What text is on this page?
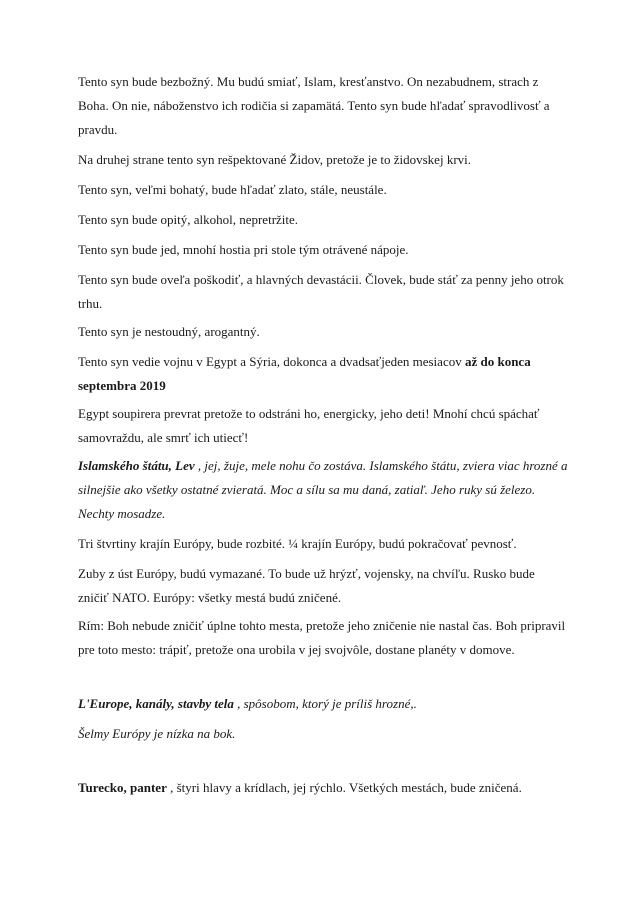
Tento syn bude bezbožný. Mu budú smiať, Islam, kresťanstvo. On nezabudnem, strach z Boha. On nie, náboženstvo ich rodičia si zapamätá. Tento syn bude hľadať spravodlivosť a pravdu.

Na druhej strane tento syn rešpektované Židov, pretože je to židovskej krvi.

Tento syn, veľmi bohatý, bude hľadať zlato, stále, neustále.

Tento syn bude opitý, alkohol, nepretržite.

Tento syn bude jed, mnohí hostia pri stole tým otrávené nápoje.

Tento syn bude oveľa poškodiť, a hlavných devastácii. Človek, bude stáť za penny jeho otrok trhu.

Tento syn je nestoudný, arogantný.

Tento syn vedie vojnu v Egypt a Sýria, dokonca a dvadsaťjeden mesiacov až do konca septembra 2019

Egypt soupirera prevrat pretože to odstráni ho, energicky, jeho deti! Mnohí chcú spáchať samovraždu, ale smrť ich utiecť!

Islamského štátu, Lev , jej, žuje, mele nohu čo zostáva. Islamského štátu, zviera viac hrozné a silnejšie ako všetky ostatné zvieratá. Moc a sílu sa mu daná, zatiaľ. Jeho ruky sú železo. Nechty mosadze.

Tri štvrtiny krajín Európy, bude rozbité. ¼ krajín Európy, budú pokračovať pevnosť.

Zuby z úst Európy, budú vymazané. To bude už hrýzť, vojensky, na chvíľu. Rusko bude zničiť NATO. Európy: všetky mestá budú zničené.

Rím: Boh nebude zničiť úplne tohto mesta, pretože jeho zničenie nie nastal čas. Boh pripravil pre toto mesto: trápiť, pretože ona urobila v jej svojvôle, dostane planéty v domove.

L'Europe, kanály, stavby tela , spôsobom, ktorý je príliš hrozné,.

Šelmy Európy je nízka na bok.

Turecko, panter , štyri hlavy a krídlach, jej rýchlo. Všetkých mestách, bude zničená.
